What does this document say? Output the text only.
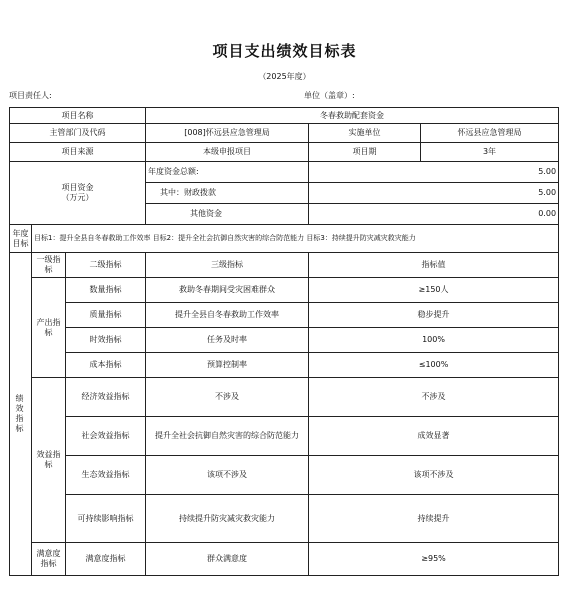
项目支出绩效目标表
（2025年度）
项目责任人:	单位（盖章）:
项目名称			冬春救助配套资金		
主管部门及代码			[008]怀远县应急管理局	实施单位	怀远县应急管理局
项目来源			本级申报项目	项目期	3年
项目资金
（万元）			年度资金总额:	5.00	
			其中：财政拨款	5.00	
			其他资金	0.00	
年度目标	目标1：提升全县自冬春救助工作效率 目标2：提升全社会抗御自然灾害的综合防范能力 目标3：持续提升防灾减灾救灾能力				
绩效指标	一级指标	二级指标	三级指标	指标值	
	产出指标	数量指标	救助冬春期间受灾困难群众	≥150人	
		质量指标	提升全县自冬春救助工作效率	稳步提升	
		时效指标	任务及时率	100%	
		成本指标	预算控制率	≤100%	
	效益指标	经济效益指标	不涉及	不涉及	
		社会效益指标	提升全社会抗御自然灾害的综合防范能力	成效显著	
		生态效益指标	该项不涉及	该项不涉及	
		可持续影响指标	持续提升防灾减灾救灾能力	持续提升	
	满意度指标	满意度指标	群众满意度	≥95%	
